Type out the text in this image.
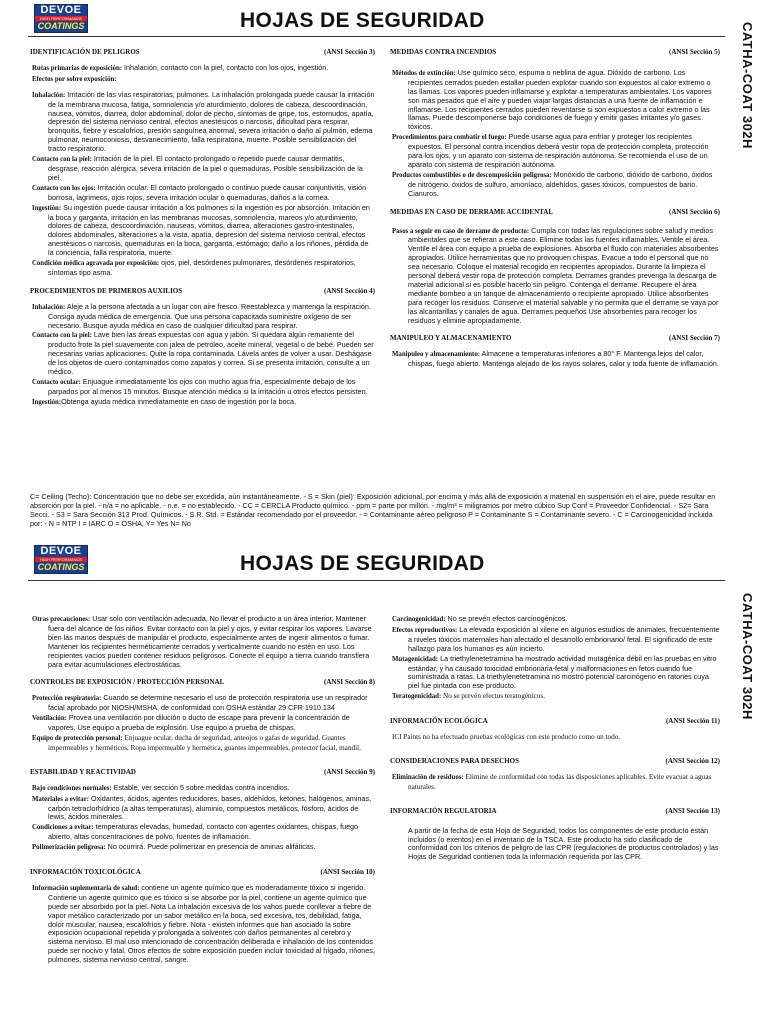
DEVOE
HIGH PERFORMANCE
COATINGS	HOJAS DE SEGURIDAD
CATHA-COAT 302H
IDENTIFICACIÓN DE PELIGROS	(ANSI Sección 3)

Rutas primarias de exposición: Inhalación, contacto con la piel, contacto con los ojos, ingestión.

Efectos por sobre exposición:

Inhalación: Irritación de las vías respiratorias, pulmones. La inhalación prolongada puede causar la irritación de la membrana mucosa, fatiga, somnolencia y/o aturdimiento, dolores de cabeza, descoordinación, nausea, vómitos, diarrea, dolor abdominal, dolor de pecho, síntomas de gripe, tos, estornudos, apatía, depresión del sistema nervioso central, efectos anestésicos o narcosis, dificultad para respirar, bronquitis, fiebre y escalofríos, presión sanguínea anormal, severa irritación o daño al pulmón, edema pulmonar, neumoconiosis, desvanecimiento, falla respiratoria, muerte. Posible sensibilización del tracto respiratorio.

Contacto con la piel: Irritación de la piel. El contacto prolongado o repetido puede causar dermatitis, desgrase, reacción alérgica, severa irritación de la piel o quemaduras. Posible sensibilización de la piel.

Contacto con los ojos: Irritación ocular. El contacto prolongado o continuo puede causar conjuntivitis, visión borrosa, lagrimeos, ojos rojos, severa irritación ocular o quemaduras, daños a la cornea.

Ingestión: Su ingestión puede causar irritación a los pulmones si la ingestión es por absorción. Irritación en la boca y garganta, irritación en las membranas mucosas, somnolencia, mareos y/o aturdimiento, dolores de cabeza, descoordinación, nauseas, vómitos, diarrea, alteraciones gastro-intestinales, dolores abdominales, alteraciones a la vista, apatía, depresión del sistema nervioso central, efectos anestésicos o narcosis, quemaduras en la boca, garganta, estómago; daño a los riñones, pérdida de la conciencia, falla respiratoria, muerte.

Condición médica agravada por exposición: ojos, piel, desórdenes pulmonares, desórdenes respiratorios, síntomas tipo asma.

PROCEDIMIENTOS DE PRIMEROS AUXILIOS	(ANSI Sección 4)

Inhalación: Aleje a la persona afectada a un lugar con aire fresco. Reestablezca y mantenga la respiración. Consiga ayuda médica de emergencia. Que una persona capacitada suministre oxígeno de ser necesario. Busque ayuda médica en caso de cualquier dificultad para respirar.

Contacto con la piel: Lave bien las áreas expuestas con agua y jabón. Si quedara algún remanente del producto frote la piel suavemente con jalea de petróleo, aceite mineral, vegetal o de bebé. Pueden ser necesarias varias aplicaciones. Quite la ropa contaminada. Lávela antes de volver a usar. Deshágase de los objetos de cuero contaminados como zapatos y correa. Si se presenta irritación, consulte a un médico.

Contacto ocular: Enjuague inmediatamente los ojos con mucho agua fría, especialmente debajo de los parpados por al menos 15 minutos. Busque atención médica si la irritación u otros efectos persisten.

Ingestión:Obtenga ayuda médica inmediatamente en caso de ingestión por la boca.

MEDIDAS CONTRA INCENDIOS	(ANSI Sección 5)

Métodos de extinción: Use químico seco, espuma o neblina de agua. Dióxido de carbono. Los recipientes cerrados pueden estallar pueden explotar cuando son expuestos al calor extremo o las llamas. Los vapores pueden inflamarse y explotar a temperaturas ambientales. Los vapores son más pesados que el aire y pueden viajar largas distancias a una fuente de inflamación e inflamarse. Los recipientes cerrados pueden reventarse si son expuestos a calor extremo o las llamas. Puede descomponerse bajo condiciones de fuego y emitir gases irritantes y/o gases tóxicos.

Procedimientos para combatir el fuego: Puede usarse agua para enfriar y proteger los recipientes expuestos. El personal contra incendios deberá vestir ropa de protección completa, protección para los ojos, y un aparato con sistema de respiración autónoma. Se recomienda el uso de un aparato con sistema de respiración autónoma.

Productos combustibles o de descomposición peligrosa: Monóxido de carbono, dióxido de carbono, óxidos de nitrógeno, óxidos de sulfuro, amoníaco, aldehídos, gases tóxicos, compuestos de bario. Cianuros.

MEDIDAS EN CASO DE DERRAME ACCIDENTAL	(ANSI Sección 6)

Pasos a seguir en caso de derrame de producto: Cumpla con todas las regulaciones sobre salud y medios ambientales que se refieran a este caso. Elimine todas las fuentes inflamables. Ventile el área. Ventile el área con equipo a prueba de explosiones. Absorba el fluido con materiales absorbentes apropiados. Utilice herramientas que no provoquen chispas. Evacue a todo el personal que no sea necesario. Coloque el material recogido en recipientes apropiados. Durante la limpieza el personal deberá vestir ropa de protección completa. Derrames grandes prevenga la descarga de material adicional si es posible hacerlo sin peligro. Contenga el derrame. Recupere el área mediante bombeo a un tanque de almacenamiento o recipiente apropiado. Utilice absorbentes para recoger los residuos. Conserve el material salvable y no permita que el derrame se vaya por las alcantarillas y canales de agua. Derrames pequeños Use absorbentes para recoger los residuos y elimine apropiadamente.

MANIPULEO Y ALMACENAMIENTO	(ANSI Sección 7)

Manipuleo y almacenamiento: Almacene a temperaturas inferiores a 80° F. Mantenga lejos del calor, chispas, fuego abierto. Mantenga alejado de los rayos solares, calor y toda fuente de inflamación.

C= Ceiling (Techo): Concentración que no debe ser excedida, aún instantáneamente. - S = Skin (piel): Exposición adicional, por encima y más allá de exposición a material en suspensión en el aire, puede resultar en absorción por la piel. - n/a = no aplicable. - n.e. = no establecido. - CC = CERCLA Producto químico. - ppm = parte por millón. - mg/m³ = miligramos por metro cúbico Sup Conf = Proveedor Confidencial. - S2= Sara Secci. - S3 = Sara Sección 313 Prod. Químicos. - S.R. Std. = Estándar recomendado por el proveedor. - = Contaminante aéreo peligroso P = Contaminante S = Contaminante severo. - C = Carcinogenicidad incluida por: - N = NTP I = IARC O = OSHA, Y= Yes N= No
DEVOE
HIGH PERFORMANCE
COATINGS	HOJAS DE SEGURIDAD
CATHA-COAT 302H

Otras precauciones: Usar solo con ventilación adecuada, No llevar el producto a un área interior. Mantener fuera del alcance de los niños. Evitar contacto con la piel y ojos, y evitar respirar los vapores. Lavarse bien las manos después de manipular el producto, especialmente antes de ingerir alimentos o fumar. Mantener los recipientes herméticamente cerrados y verticalmente cuando no estén en uso. Los recipientes vacíos pueden contener residuos peligrosos. Conecte el equipo a tierra cuando transfiera para evitar acumulaciones electrostáticas.

CONTROLES DE EXPOSICIÓN / PROTECCIÓN PERSONAL	(ANSI Sección 8)

Protección respiratoria: Cuando se determine necesario el uso de protección respiratoria use un respirador facial aprobado por NIOSH/MSHA, de conformidad con OSHA estándar 29 CFR 1910.134

Ventilación: Provea una ventilación por dilución o ducto de escape para prevenir la concentración de vapores. Use equipo a prueba de explosión. Use equipo a prueba de chispas.

Equipo de protección personal: Enjuague ocular, ducha de seguridad, anteojos o gafas de seguridad. Guantes impermeables y herméticos, Ropa impermeable y hermética, guantes impermeables, protector facial, mandil.

ESTABILIDAD Y REACTIVIDAD	(ANSI Sección 9)

Bajo condiciones normales: Estable, ver sección 5 sobre medidas contra incendios.

Materiales a evitar: Oxidantes, ácidos, agentes reducidores, bases, aldehídos, ketones, halógenos, aminas, carbón tetraclorhídrico (a altas temperaturas), aluminio, compuestos metálicos, fósforo, ácidos de lewis, ácidos minerales.

Condiciones a evitar: temperaturas elevadas, humedad, contacto con agentes oxidantes, chispas, fuego abierto, altas concentraciones de polvo, fuentes de inflamación.

Polimerización peligrosa: No ocurrirá. Puede polimerizar en presencia de aminas alifáticas.

INFORMACIÓN TOXICOLÓGICA	(ANSI Sección 10)

Información suplementaria de salud: contiene un agente químico que es moderadamente tóxico si ingerido. Contiene un agente químico que es tóxico si se absorbe por la piel, contiene un agente químico que puede ser absorbido por la piel. Nota La inhalación excesiva de los vahos puede conllevar a fiebre de vapor metálico caracterizado por un sabor metálico en la boca, sed excesiva, tos, debilidad, fatiga, dolor muscular, nausea, escalofríos y fiebre. Nota - existen informes que han asociado la sobre exposición ocupacional repetida y prolongada a solventes con daños permanentes al cerebro y sistema nervioso. El mal uso intencionado de concentración deliberada e inhalación de los contenidos puede ser nocivo y fatal. Otros efectos de sobre exposición pueden incluir toxicidad al hígado, riñones, pulmones, sistema nervioso central, sangre.

Carcinogenicidad: No se prevén efectos carcinogénicos.

Efectos reproductivos: La elevada exposición al xilene en algunos estudios de animales, frecuentemente a niveles tóxicos maternales han afectado el desarrollo embrionario/ fetal. El significado de este hallazgo para los humanos es aún incierto.

Mutagenicidad: La triethylenetetramina ha mostrado actividad mutagénica débil en las pruebas en vitro estándar, y ha causado toxicidad embrionaria-fetal y malformaciones en fetos cuando fue suministrada a ratas. La triethylenetetramina no mostró potencial carcinógeno en ratones cuya piel fue pintada con ese producto.

Teratogenicidad: No se prevén efectos teratogénicos.

INFORMACIÓN ECOLÓGICA	(ANSI Sección 11)

ICI Paints no ha efectuado pruebas ecológicas con este producto como un todo.

CONSIDERACIONES PARA DESECHOS	(ANSI Sección 12)

Eliminación de residuos: Elimine de conformidad con todas las disposiciones aplicables. Evite evacuar a aguas naturales.

INFORMACIÓN REGULATORIA	(ANSI Sección 13)

A partir de la fecha de esta Hoja de Seguridad, todos los componentes de este producto están incluidos (o exentos) en el inventario de la TSCA. Este producto ha sido clasificado de conformidad con los criterios de peligro de las CPR (regulaciones de productos controlados) y las Hojas de Seguridad contienen toda la información requerida por las CPR.
